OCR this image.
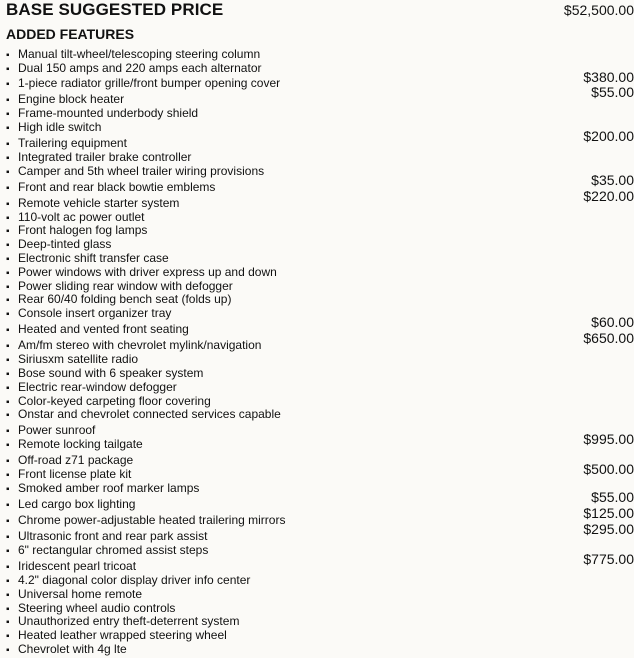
BASE SUGGESTED PRICE	$52,500.00
ADDED FEATURES
▪ Manual tilt-wheel/telescoping steering column
▪ Dual 150 amps and 220 amps each alternator
$380.00
▪ 1-piece radiator grille/front bumper opening cover
$55.00
▪ Engine block heater
▪ Frame-mounted underbody shield
▪ High idle switch
$200.00
▪ Trailering equipment
▪ Integrated trailer brake controller
▪ Camper and 5th wheel trailer wiring provisions
$35.00
▪ Front and rear black bowtie emblems
$220.00
▪ Remote vehicle starter system
▪ 110-volt ac power outlet
▪ Front halogen fog lamps
▪ Deep-tinted glass
▪ Electronic shift transfer case
▪ Power windows with driver express up and down
▪ Power sliding rear window with defogger
▪ Rear 60/40 folding bench seat (folds up)
▪ Console insert organizer tray
$60.00
▪ Heated and vented front seating
$650.00
▪ Am/fm stereo with chevrolet mylink/navigation
▪ Siriusxm satellite radio
▪ Bose sound with 6 speaker system
▪ Electric rear-window defogger
▪ Color-keyed carpeting floor covering
▪ Onstar and chevrolet connected services capable
▪ Power sunroof
$995.00
▪ Remote locking tailgate
▪ Off-road z71 package
$500.00
▪ Front license plate kit
▪ Smoked amber roof marker lamps
$55.00
▪ Led cargo box lighting
$125.00
▪ Chrome power-adjustable heated trailering mirrors
$295.00
▪ Ultrasonic front and rear park assist
▪ 6" rectangular chromed assist steps
$775.00
▪ Iridescent pearl tricoat
▪ 4.2" diagonal color display driver info center
▪ Universal home remote
▪ Steering wheel audio controls
▪ Unauthorized entry theft-deterrent system
▪ Heated leather wrapped steering wheel
▪ Chevrolet with 4g lte
